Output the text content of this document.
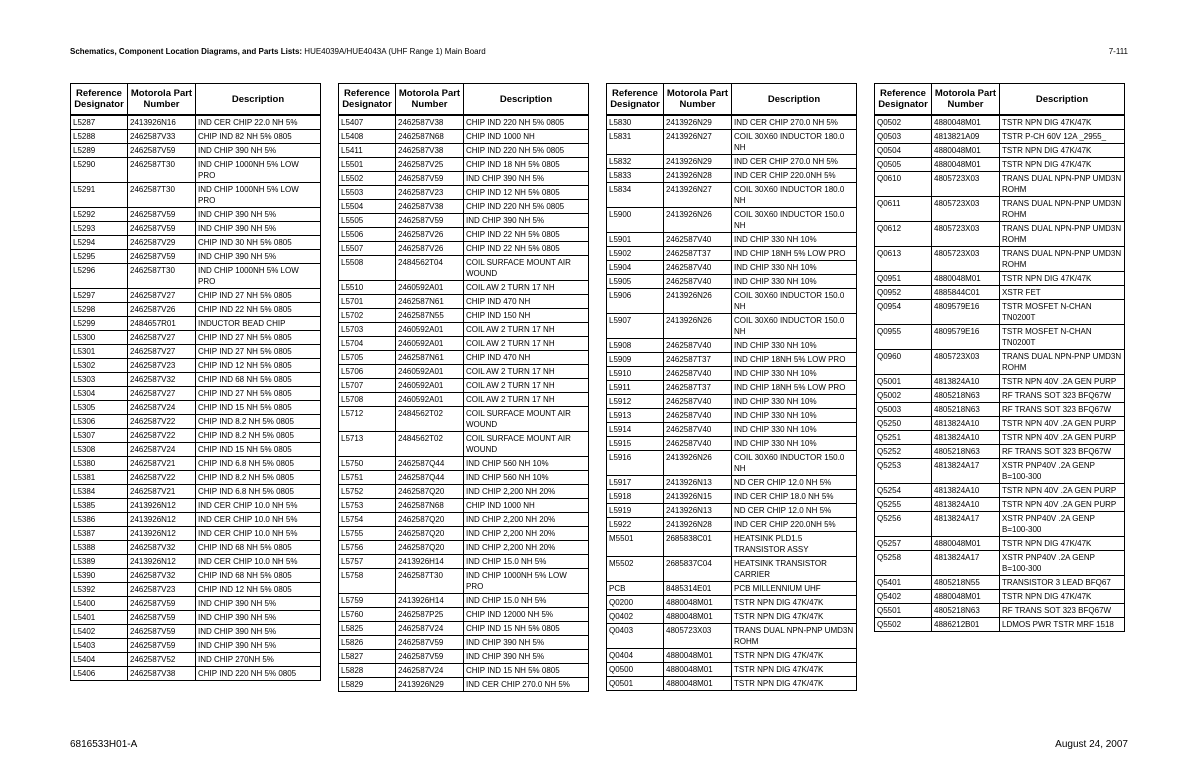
Schematics, Component Location Diagrams, and Parts Lists: HUE4039A/HUE4043A (UHF Range 1) Main Board	7-111
Reference Designator	Motorola Part Number	Description
L5287	2413926N16	IND CER CHIP 22.0 NH 5%
L5288	2462587V33	CHIP IND 82 NH 5% 0805
L5289	2462587V59	IND CHIP 390 NH 5%
L5290	2462587T30	IND CHIP 1000NH 5% LOW PRO
L5291	2462587T30	IND CHIP 1000NH 5% LOW PRO
L5292	2462587V59	IND CHIP 390 NH 5%
L5293	2462587V59	IND CHIP 390 NH 5%
L5294	2462587V29	CHIP IND 30 NH 5% 0805
L5295	2462587V59	IND CHIP 390 NH 5%
L5296	2462587T30	IND CHIP 1000NH 5% LOW PRO
L5297	2462587V27	CHIP IND 27 NH 5% 0805
L5298	2462587V26	CHIP IND 22 NH 5% 0805
L5299	2484657R01	INDUCTOR BEAD CHIP
L5300	2462587V27	CHIP IND 27 NH 5% 0805
L5301	2462587V27	CHIP IND 27 NH 5% 0805
L5302	2462587V23	CHIP IND 12 NH 5% 0805
L5303	2462587V32	CHIP IND 68 NH 5% 0805
L5304	2462587V27	CHIP IND 27 NH 5% 0805
L5305	2462587V24	CHIP IND 15 NH 5% 0805
L5306	2462587V22	CHIP IND 8.2 NH 5% 0805
L5307	2462587V22	CHIP IND 8.2 NH 5% 0805
L5308	2462587V24	CHIP IND 15 NH 5% 0805
L5380	2462587V21	CHIP IND 6.8 NH 5% 0805
L5381	2462587V22	CHIP IND 8.2 NH 5% 0805
L5384	2462587V21	CHIP IND 6.8 NH 5% 0805
L5385	2413926N12	IND CER CHIP 10.0 NH 5%
L5386	2413926N12	IND CER CHIP 10.0 NH 5%
L5387	2413926N12	IND CER CHIP 10.0 NH 5%
L5388	2462587V32	CHIP IND 68 NH 5% 0805
L5389	2413926N12	IND CER CHIP 10.0 NH 5%
L5390	2462587V32	CHIP IND 68 NH 5% 0805
L5392	2462587V23	CHIP IND 12 NH 5% 0805
L5400	2462587V59	IND CHIP 390 NH 5%
L5401	2462587V59	IND CHIP 390 NH 5%
L5402	2462587V59	IND CHIP 390 NH 5%
L5403	2462587V59	IND CHIP 390 NH 5%
L5404	2462587V52	IND CHIP 270NH 5%
L5406	2462587V38	CHIP IND 220 NH 5% 0805
Reference Designator	Motorola Part Number	Description
L5407	2462587V38	CHIP IND 220 NH 5% 0805
L5408	2462587N68	CHIP IND 1000 NH
L5411	2462587V38	CHIP IND 220 NH 5% 0805
L5501	2462587V25	CHIP IND 18 NH 5% 0805
L5502	2462587V59	IND CHIP 390 NH 5%
L5503	2462587V23	CHIP IND 12 NH 5% 0805
L5504	2462587V38	CHIP IND 220 NH 5% 0805
L5505	2462587V59	IND CHIP 390 NH 5%
L5506	2462587V26	CHIP IND 22 NH 5% 0805
L5507	2462587V26	CHIP IND 22 NH 5% 0805
L5508	2484562T04	COIL SURFACE MOUNT AIR WOUND
L5510	2460592A01	COIL AW 2 TURN 17 NH
L5701	2462587N61	CHIP IND 470 NH
L5702	2462587N55	CHIP IND 150 NH
L5703	2460592A01	COIL AW 2 TURN 17 NH
L5704	2460592A01	COIL AW 2 TURN 17 NH
L5705	2462587N61	CHIP IND 470 NH
L5706	2460592A01	COIL AW 2 TURN 17 NH
L5707	2460592A01	COIL AW 2 TURN 17 NH
L5708	2460592A01	COIL AW 2 TURN 17 NH
L5712	2484562T02	COIL SURFACE MOUNT AIR WOUND
L5713	2484562T02	COIL SURFACE MOUNT AIR WOUND
L5750	2462587Q44	IND CHIP 560 NH 10%
L5751	2462587Q44	IND CHIP 560 NH 10%
L5752	2462587Q20	IND CHIP 2,200 NH 20%
L5753	2462587N68	CHIP IND 1000 NH
L5754	2462587Q20	IND CHIP 2,200 NH 20%
L5755	2462587Q20	IND CHIP 2,200 NH 20%
L5756	2462587Q20	IND CHIP 2,200 NH 20%
L5757	2413926H14	IND CHIP 15.0 NH 5%
L5758	2462587T30	IND CHIP 1000NH 5% LOW PRO
L5759	2413926H14	IND CHIP 15.0 NH 5%
L5760	2462587P25	CHIP IND 12000 NH 5%
L5825	2462587V24	CHIP IND 15 NH 5% 0805
L5826	2462587V59	IND CHIP 390 NH 5%
L5827	2462587V59	IND CHIP 390 NH 5%
L5828	2462587V24	CHIP IND 15 NH 5% 0805
L5829	2413926N29	IND CER CHIP 270.0 NH 5%
Reference Designator	Motorola Part Number	Description
L5830	2413926N29	IND CER CHIP 270.0 NH 5%
L5831	2413926N27	COIL 30X60 INDUCTOR 180.0 NH
L5832	2413926N29	IND CER CHIP 270.0 NH 5%
L5833	2413926N28	IND CER CHIP 220.0NH 5%
L5834	2413926N27	COIL 30X60 INDUCTOR 180.0 NH
L5900	2413926N26	COIL 30X60 INDUCTOR 150.0 NH
L5901	2462587V40	IND CHIP 330 NH 10%
L5902	2462587T37	IND CHIP 18NH 5% LOW PRO
L5904	2462587V40	IND CHIP 330 NH 10%
L5905	2462587V40	IND CHIP 330 NH 10%
L5906	2413926N26	COIL 30X60 INDUCTOR 150.0 NH
L5907	2413926N26	COIL 30X60 INDUCTOR 150.0 NH
L5908	2462587V40	IND CHIP 330 NH 10%
L5909	2462587T37	IND CHIP 18NH 5% LOW PRO
L5910	2462587V40	IND CHIP 330 NH 10%
L5911	2462587T37	IND CHIP 18NH 5% LOW PRO
L5912	2462587V40	IND CHIP 330 NH 10%
L5913	2462587V40	IND CHIP 330 NH 10%
L5914	2462587V40	IND CHIP 330 NH 10%
L5915	2462587V40	IND CHIP 330 NH 10%
L5916	2413926N26	COIL 30X60 INDUCTOR 150.0 NH
L5917	2413926N13	ND CER CHIP 12.0 NH 5%
L5918	2413926N15	IND CER CHIP 18.0 NH 5%
L5919	2413926N13	ND CER CHIP 12.0 NH 5%
L5922	2413926N28	IND CER CHIP 220.0NH 5%
M5501	2685838C01	HEATSINK PLD1.5 TRANSISTOR ASSY
M5502	2685837C04	HEATSINK TRANSISTOR CARRIER
PCB	8485314E01	PCB MILLENNIUM UHF
Q0200	4880048M01	TSTR NPN DIG 47K/47K
Q0402	4880048M01	TSTR NPN DIG 47K/47K
Q0403	4805723X03	TRANS DUAL NPN-PNP UMD3N ROHM
Q0404	4880048M01	TSTR NPN DIG 47K/47K
Q0500	4880048M01	TSTR NPN DIG 47K/47K
Q0501	4880048M01	TSTR NPN DIG 47K/47K
Reference Designator	Motorola Part Number	Description
Q0502	4880048M01	TSTR NPN DIG 47K/47K
Q0503	4813821A09	TSTR P-CH 60V 12A _2955_
Q0504	4880048M01	TSTR NPN DIG 47K/47K
Q0505	4880048M01	TSTR NPN DIG 47K/47K
Q0610	4805723X03	TRANS DUAL NPN-PNP UMD3N ROHM
Q0611	4805723X03	TRANS DUAL NPN-PNP UMD3N ROHM
Q0612	4805723X03	TRANS DUAL NPN-PNP UMD3N ROHM
Q0613	4805723X03	TRANS DUAL NPN-PNP UMD3N ROHM
Q0951	4880048M01	TSTR NPN DIG 47K/47K
Q0952	4885844C01	XSTR FET
Q0954	4809579E16	TSTR MOSFET N-CHAN TN0200T
Q0955	4809579E16	TSTR MOSFET N-CHAN TN0200T
Q0960	4805723X03	TRANS DUAL NPN-PNP UMD3N ROHM
Q5001	4813824A10	TSTR NPN 40V .2A GEN PURP
Q5002	4805218N63	RF TRANS SOT 323 BFQ67W
Q5003	4805218N63	RF TRANS SOT 323 BFQ67W
Q5250	4813824A10	TSTR NPN 40V .2A GEN PURP
Q5251	4813824A10	TSTR NPN 40V .2A GEN PURP
Q5252	4805218N63	RF TRANS SOT 323 BFQ67W
Q5253	4813824A17	XSTR PNP40V .2A GENP B=100-300
Q5254	4813824A10	TSTR NPN 40V .2A GEN PURP
Q5255	4813824A10	TSTR NPN 40V .2A GEN PURP
Q5256	4813824A17	XSTR PNP40V .2A GENP B=100-300
Q5257	4880048M01	TSTR NPN DIG 47K/47K
Q5258	4813824A17	XSTR PNP40V .2A GENP B=100-300
Q5401	4805218N55	TRANSISTOR 3 LEAD BFQ67
Q5402	4880048M01	TSTR NPN DIG 47K/47K
Q5501	4805218N63	RF TRANS SOT 323 BFQ67W
Q5502	4886212B01	LDMOS PWR TSTR MRF 1518
6816533H01-A	August 24, 2007
